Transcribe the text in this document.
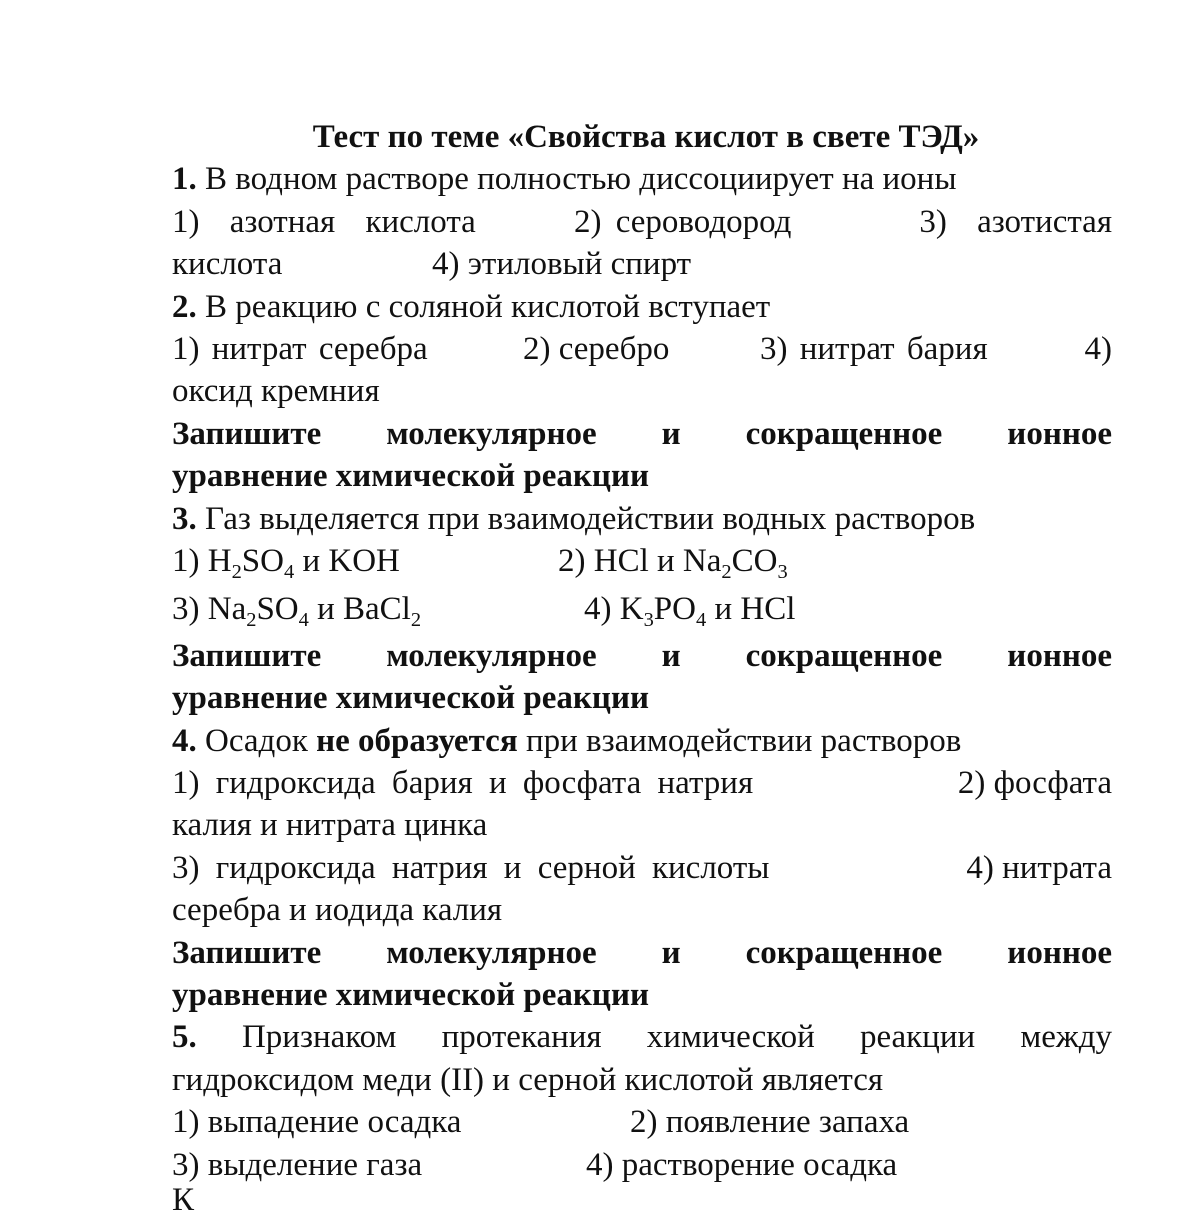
Тест по теме «Свойства кислот в свете ТЭД»

1. В водном растворе полностью диссоциирует на ионы

1) азотная кислота	2) сероводород	3) азотистая
кислота	4) этиловый спирт

2. В реакцию с соляной кислотой вступает

1) нитрат серебра	2) серебро	3) нитрат бария	4)

оксид кремния

Запишите молекулярное и сокращенное ионное

уравнение химической реакции

3. Газ выделяется при взаимодействии водных растворов

1) $H_2SO_4$ и KOH	2) HCl и $Na_2CO_3$
3) $Na_2SO_4$ и BaCl$_2$	4) $K_3PO_4$ и HCl

Запишите молекулярное и сокращенное ионное

уравнение химической реакции

4. Осадок не образуется при взаимодействии растворов

1) гидроксида бария и фосфата натрия	2) фосфата

калия и нитрата цинка

3) гидроксида натрия и серной кислоты	4) нитрата

серебра и иодида калия

Запишите молекулярное и сокращенное ионное

уравнение химической реакции

5. Признаком протекания химической реакции между

гидроксидом меди (II) и серной кислотой является

1) выпадение осадка	2) появление запаха
3) выделение газа	4) растворение осадка
К
